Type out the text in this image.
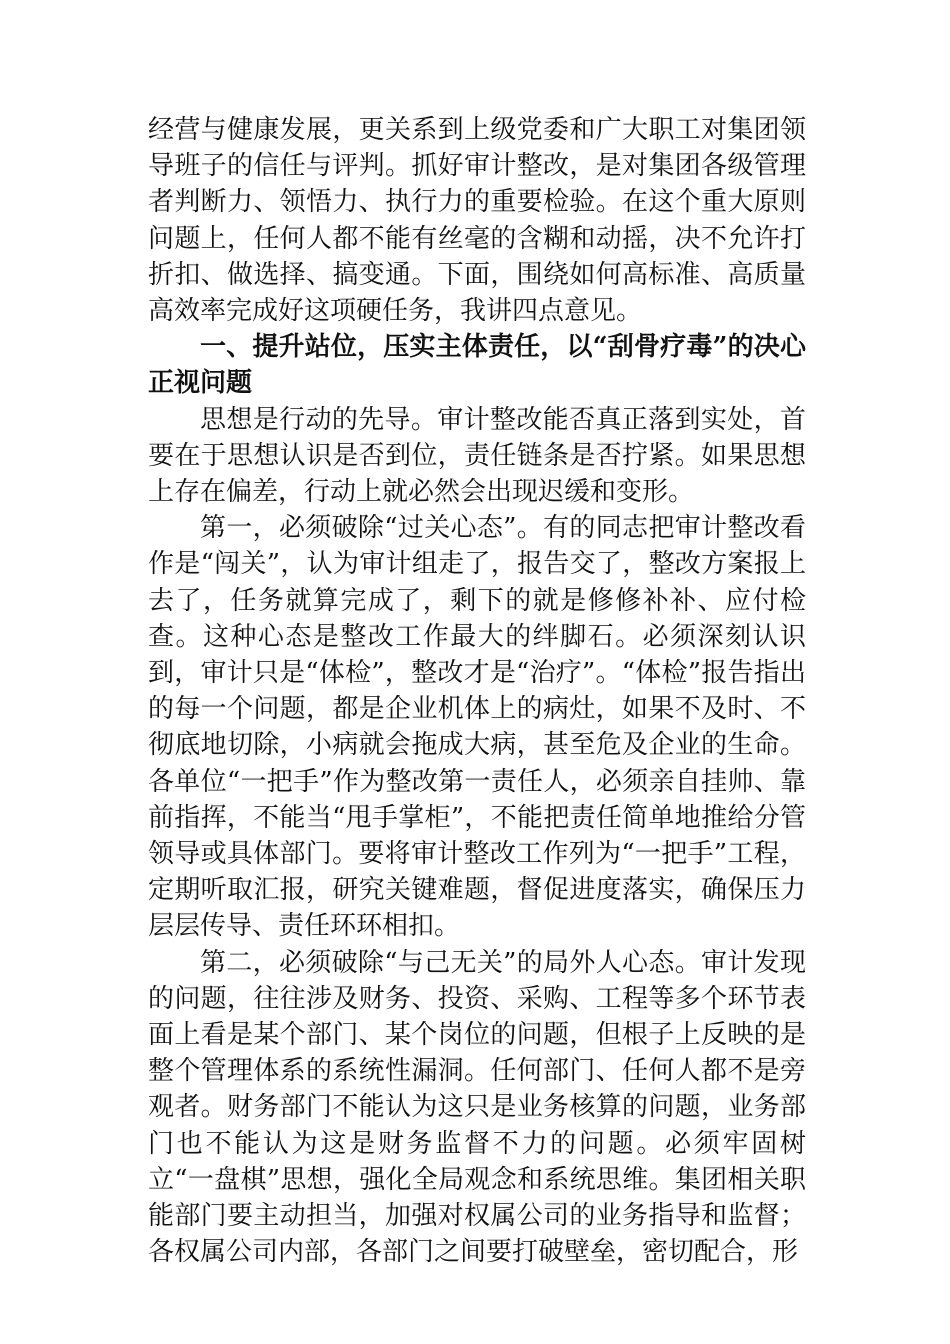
经营与健康发展，更关系到上级党委和广大职工对集团领导班子的信任与评判。抓好审计整改，是对集团各级管理者判断力、领悟力、执行力的重要检验。在这个重大原则问题上，任何人都不能有丝毫的含糊和动摇，决不允许打折扣、做选择、搞变通。下面，围绕如何高标准、高质量高效率完成好这项硬任务，我讲四点意见。

一、提升站位，压实主体责任，以“刮骨疗毒”的决心正视问题

思想是行动的先导。审计整改能否真正落到实处，首要在于思想认识是否到位，责任链条是否拧紧。如果思想上存在偏差，行动上就必然会出现迟缓和变形。

第一，必须破除“过关心态”。有的同志把审计整改看作是“闯关”，认为审计组走了，报告交了，整改方案报上去了，任务就算完成了，剩下的就是修修补补、应付检查。这种心态是整改工作最大的绊脚石。必须深刻认识到，审计只是“体检”，整改才是“治疗”。“体检”报告指出的每一个问题，都是企业机体上的病灶，如果不及时、不彻底地切除，小病就会拖成大病，甚至危及企业的生命。各单位“一把手”作为整改第一责任人，必须亲自挂帅、靠前指挥，不能当“甩手掌柜”，不能把责任简单地推给分管领导或具体部门。要将审计整改工作列为“一把手”工程，定期听取汇报，研究关键难题，督促进度落实，确保压力层层传导、责任环环相扣。

第二，必须破除“与己无关”的局外人心态。审计发现的问题，往往涉及财务、投资、采购、工程等多个环节表面上看是某个部门、某个岗位的问题，但根子上反映的是整个管理体系的系统性漏洞。任何部门、任何人都不是旁观者。财务部门不能认为这只是业务核算的问题，业务部门也不能认为这是财务监督不力的问题。必须牢固树立“一盘棋”思想，强化全局观念和系统思维。集团相关职能部门要主动担当，加强对权属公司的业务指导和监督；各权属公司内部，各部门之间要打破壁垒，密切配合，形
